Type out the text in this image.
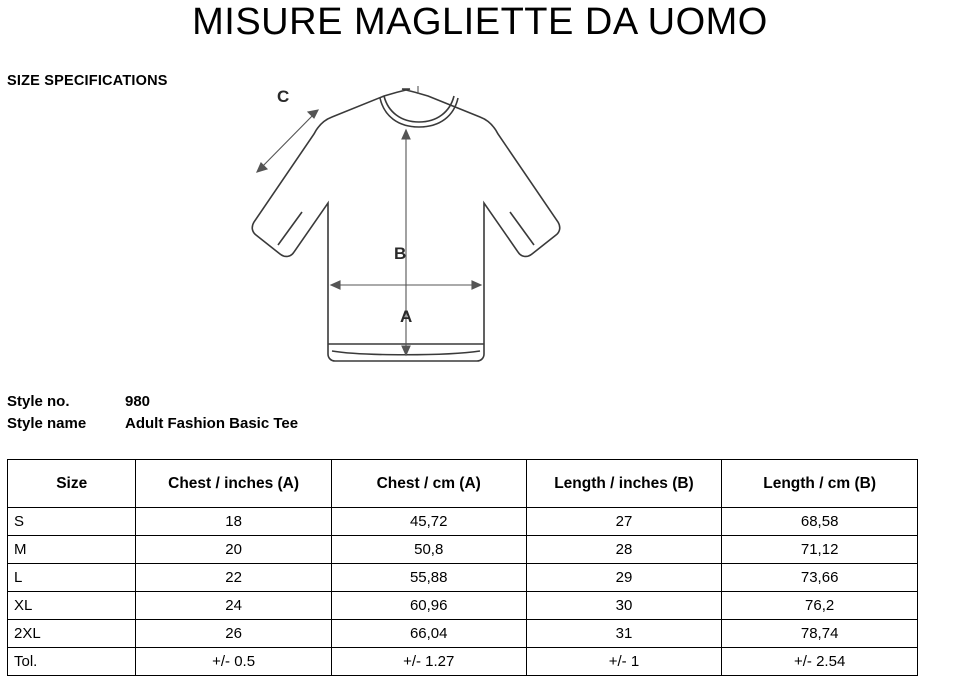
MISURE MAGLIETTE DA UOMO
SIZE SPECIFICATIONS
B
A
C
Style no.	980
Style name	Adult Fashion Basic Tee
Size	Chest / inches (A)	Chest / cm (A)	Length / inches (B)	Length / cm (B)
S	18	45,72	27	68,58
M	20	50,8	28	71,12
L	22	55,88	29	73,66
XL	24	60,96	30	76,2
2XL	26	66,04	31	78,74
Tol.	+/- 0.5	+/- 1.27	+/- 1	+/- 2.54
